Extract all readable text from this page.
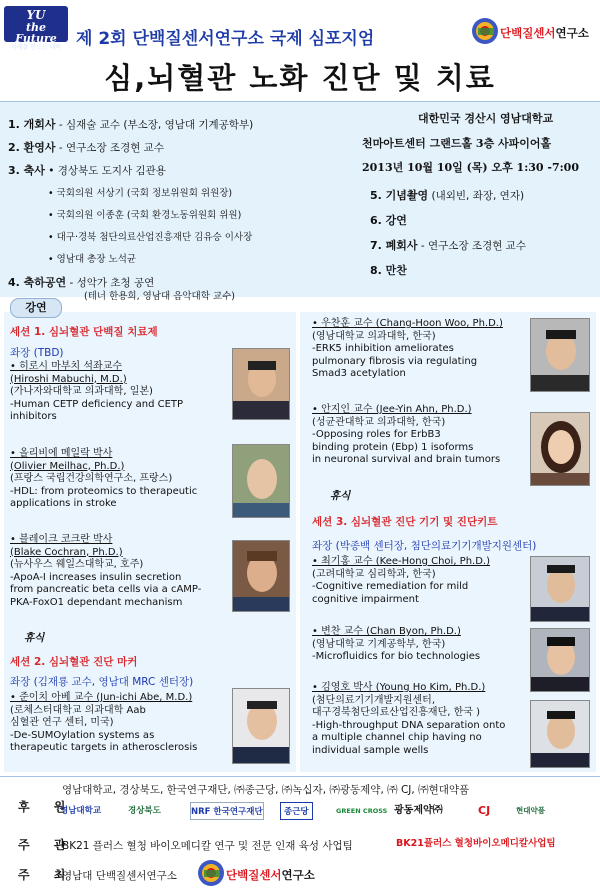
YU
the Future
미래를 만드는 대학 제 2회 단백질센서연구소 국제 심포지엄	단백질센서연구소
심,뇌혈관 노화 진단 및 치료
1. 개회사 - 심재술 교수 (부소장, 영남대 기계공학부)
2. 환영사 - 연구소장 조경현 교수
3. 축사 • 경상북도 도지사 김관용
• 국회의원 서상기 (국회 정보위원회 위원장)
• 국회의원 이종훈 (국회 환경노동위원회 위원)
• 대구·경북 첨단의료산업진흥재단 김유승 이사장
• 영남대 총장 노석균
4. 축하공연 - 성악가 초청 공연
(테너 한용희, 영남대 음악대학 교수)
대한민국 경산시 영남대학교
천마아트센터 그랜드홀 3층 사파이어홀
2013년 10월 10일 (목) 오후 1:30 -7:00
5. 기념촬영 (내외빈, 좌장, 연자)
6. 강연
7. 폐회사 - 연구소장 조경현 교수
8. 만찬
강연
세션 1. 심뇌혈관 단백질 치료제
좌장 (TBD)
• 히로시 마부치 석좌교수
(Hiroshi Mabuchi, M.D.)
(가나자와대학교 의과대학, 일본)
-Human CETP deficiency and CETP
inhibitors
• 올리비에 메일락 박사
(Olivier Meilhac, Ph.D.)
(프랑스 국립건강의학연구소, 프랑스)
-HDL: from proteomics to therapeutic
applications in stroke
• 블레이크 코크란 박사
(Blake Cochran, Ph.D.)
(뉴사우스 웨일스대학교, 호주)
-ApoA-I increases insulin secretion
from pancreatic beta cells via a cAMP-
PKA-FoxO1 dependant mechanism
휴식
세션 2. 심뇌혈관 진단 마커
좌장 (김재룡 교수, 영남대 MRC 센터장)
• 준이치 아베 교수 (Jun-ichi Abe, M.D.)
(로체스터대학교 의과대학 Aab
심혈관 연구 센터, 미국)
-De-SUMOylation systems as
therapeutic targets in atherosclerosis
• 우찬훈 교수 (Chang-Hoon Woo, Ph.D.)
(영남대학교 의과대학, 한국)
-ERK5 inhibition ameliorates
pulmonary fibrosis via regulating
Smad3 acetylation
• 안지인 교수 (Jee-Yin Ahn, Ph.D.)
(성균관대학교 의과대학, 한국)
-Opposing roles for ErbB3
binding protein (Ebp) 1 isoforms
in neuronal survival and brain tumors
휴식
세션 3. 심뇌혈관 진단 기기 및 진단키트
좌장 (박종백 센터장, 첨단의료기기개발지원센터)
• 최기홍 교수 (Kee-Hong Choi, Ph.D.)
(고려대학교 심리학과, 한국)
-Cognitive remediation for mild
cognitive impairment
• 변찬 교수 (Chan Byon, Ph.D.)
(영남대학교 기계공학부, 한국)
-Microfluidics for bio technologies
• 김영호 박사 (Young Ho Kim, Ph.D.)
(첨단의료기기개발지원센터,
대구경북첨단의료산업진흥재단, 한국 )
-High-throughput DNA separation onto
a multiple channel chip having no
individual sample wells
후 원
영남대학교, 경상북도, 한국연구재단, ㈜종근당, ㈜녹십자, ㈜광동제약, ㈜ CJ, ㈜현대약품
영남대학교	경상북도	NRF 한국연구재단	종근당	GREEN CROSS 광동제약㈜	CJ	현대약품
주 관
BK21 플러스 혈청 바이오메디칼 연구 및 전문 인재 육성 사업팀	BK21플러스 혈청바이오메디칼사업팀
주 최
영남대 단백질센서연구소	단백질센서연구소
